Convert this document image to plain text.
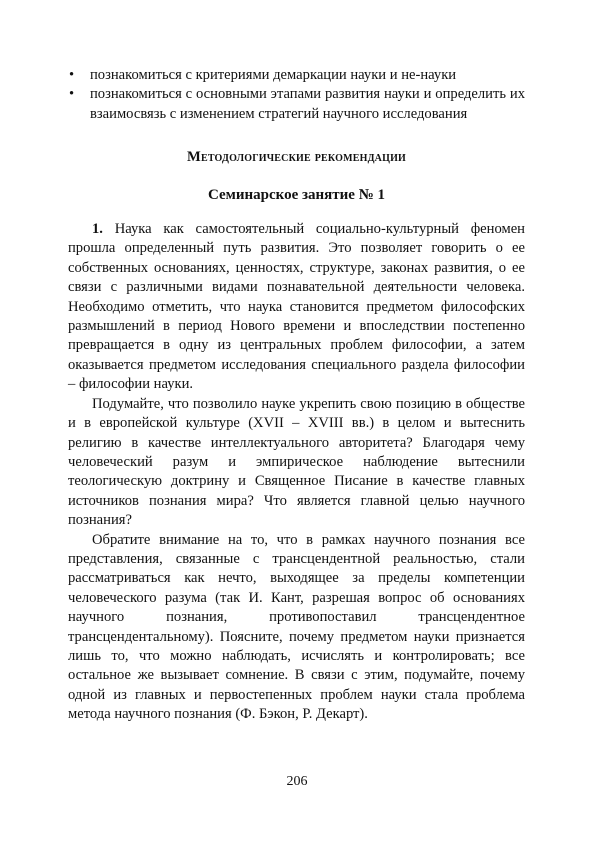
• познакомиться с критериями демаркации науки и не-науки
• познакомиться с основными этапами развития науки и определить их взаимосвязь с изменением стратегий научного исследования
Методологические рекомендации
Семинарское занятие № 1

1. Наука как самостоятельный социально-культурный феномен прошла определенный путь развития. Это позволяет говорить о ее собственных основаниях, ценностях, структуре, законах развития, о ее связи с различными видами познавательной деятельности человека. Необходимо отметить, что наука становится предметом философских размышлений в период Нового времени и впоследствии постепенно превращается в одну из центральных проблем философии, а затем оказывается предметом исследования специального раздела философии – философии науки.

Подумайте, что позволило науке укрепить свою позицию в обществе и в европейской культуре (XVII – XVIII вв.) в целом и вытеснить религию в качестве интеллектуального авторитета? Благодаря чему человеческий разум и эмпирическое наблюдение вытеснили теологическую доктрину и Священное Писание в качестве главных источников познания мира? Что является главной целью научного познания?

Обратите внимание на то, что в рамках научного познания все представления, связанные с трансцендентной реальностью, стали рассматриваться как нечто, выходящее за пределы компетенции человеческого разума (так И. Кант, разрешая вопрос об основаниях научного познания, противопоставил трансцендентное трансцендентальному). Поясните, почему предметом науки признается лишь то, что можно наблюдать, исчислять и контролировать; все остальное же вызывает сомнение. В связи с этим, подумайте, почему одной из главных и первостепенных проблем науки стала проблема метода научного познания (Ф. Бэкон, Р. Декарт).

206
